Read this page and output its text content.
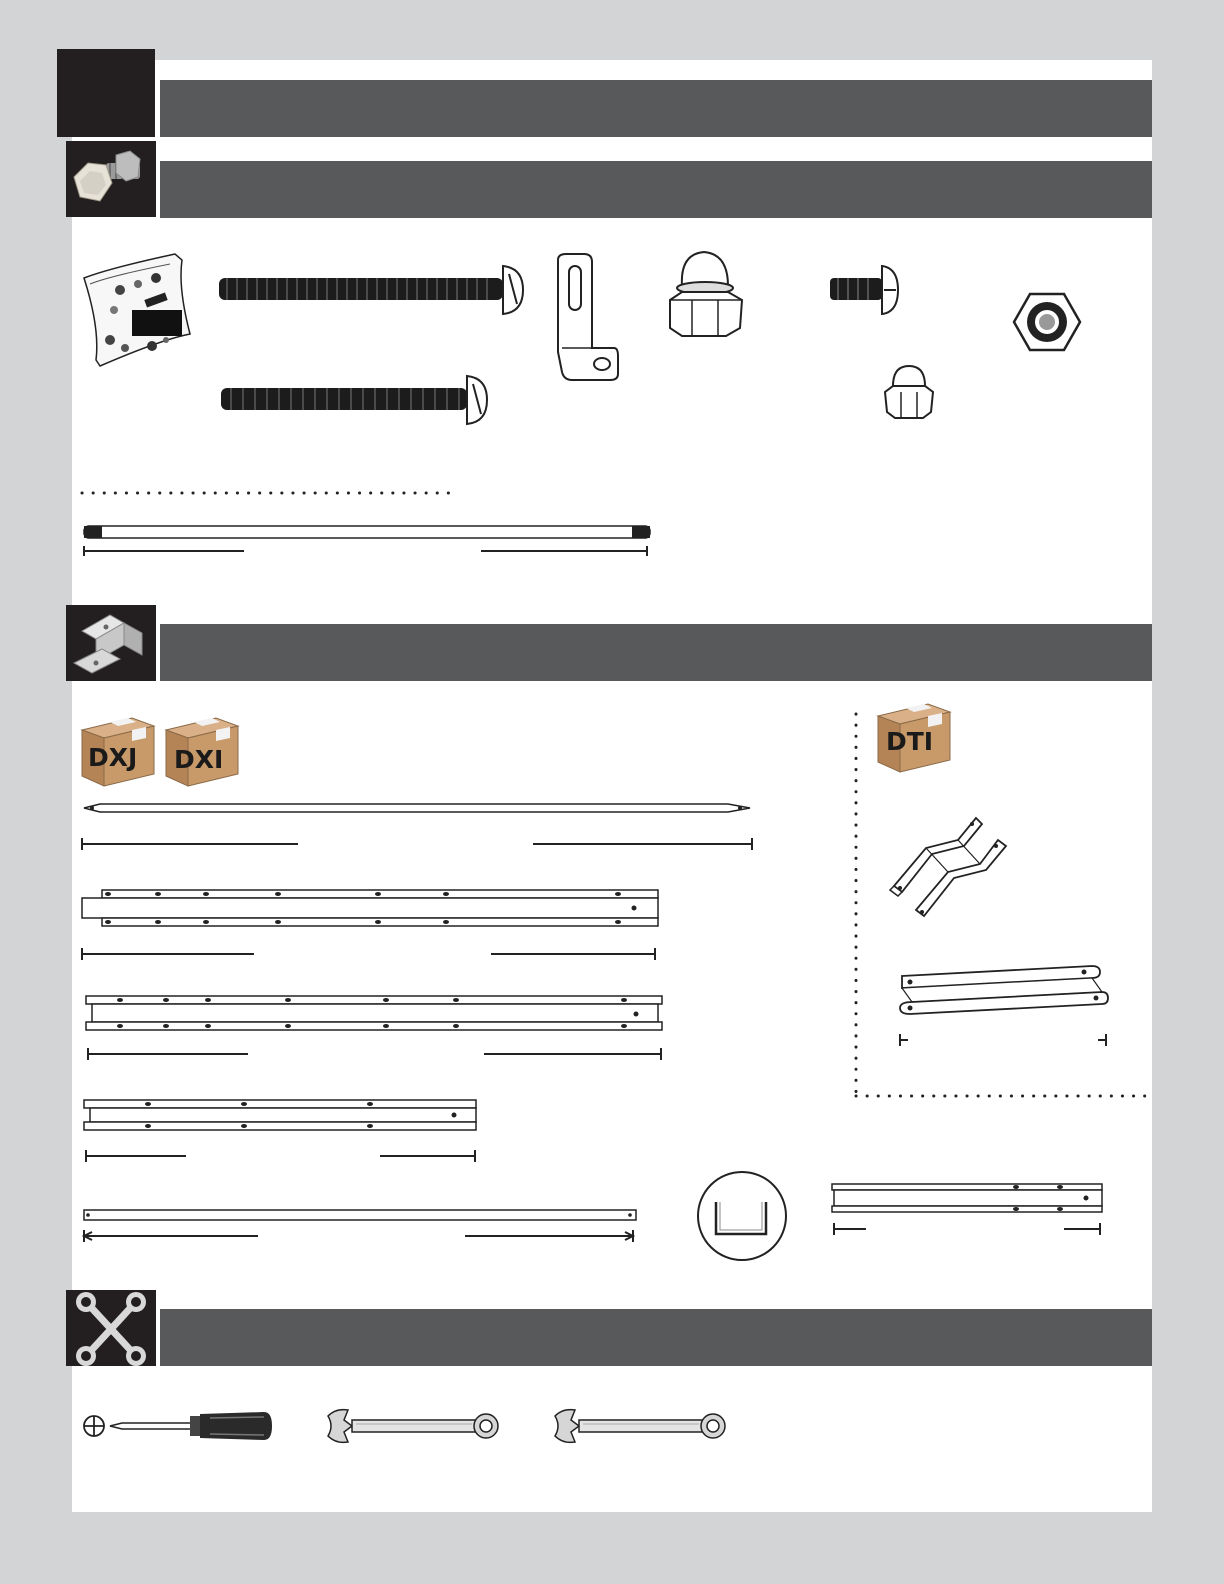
DXJ DXI
DTI
